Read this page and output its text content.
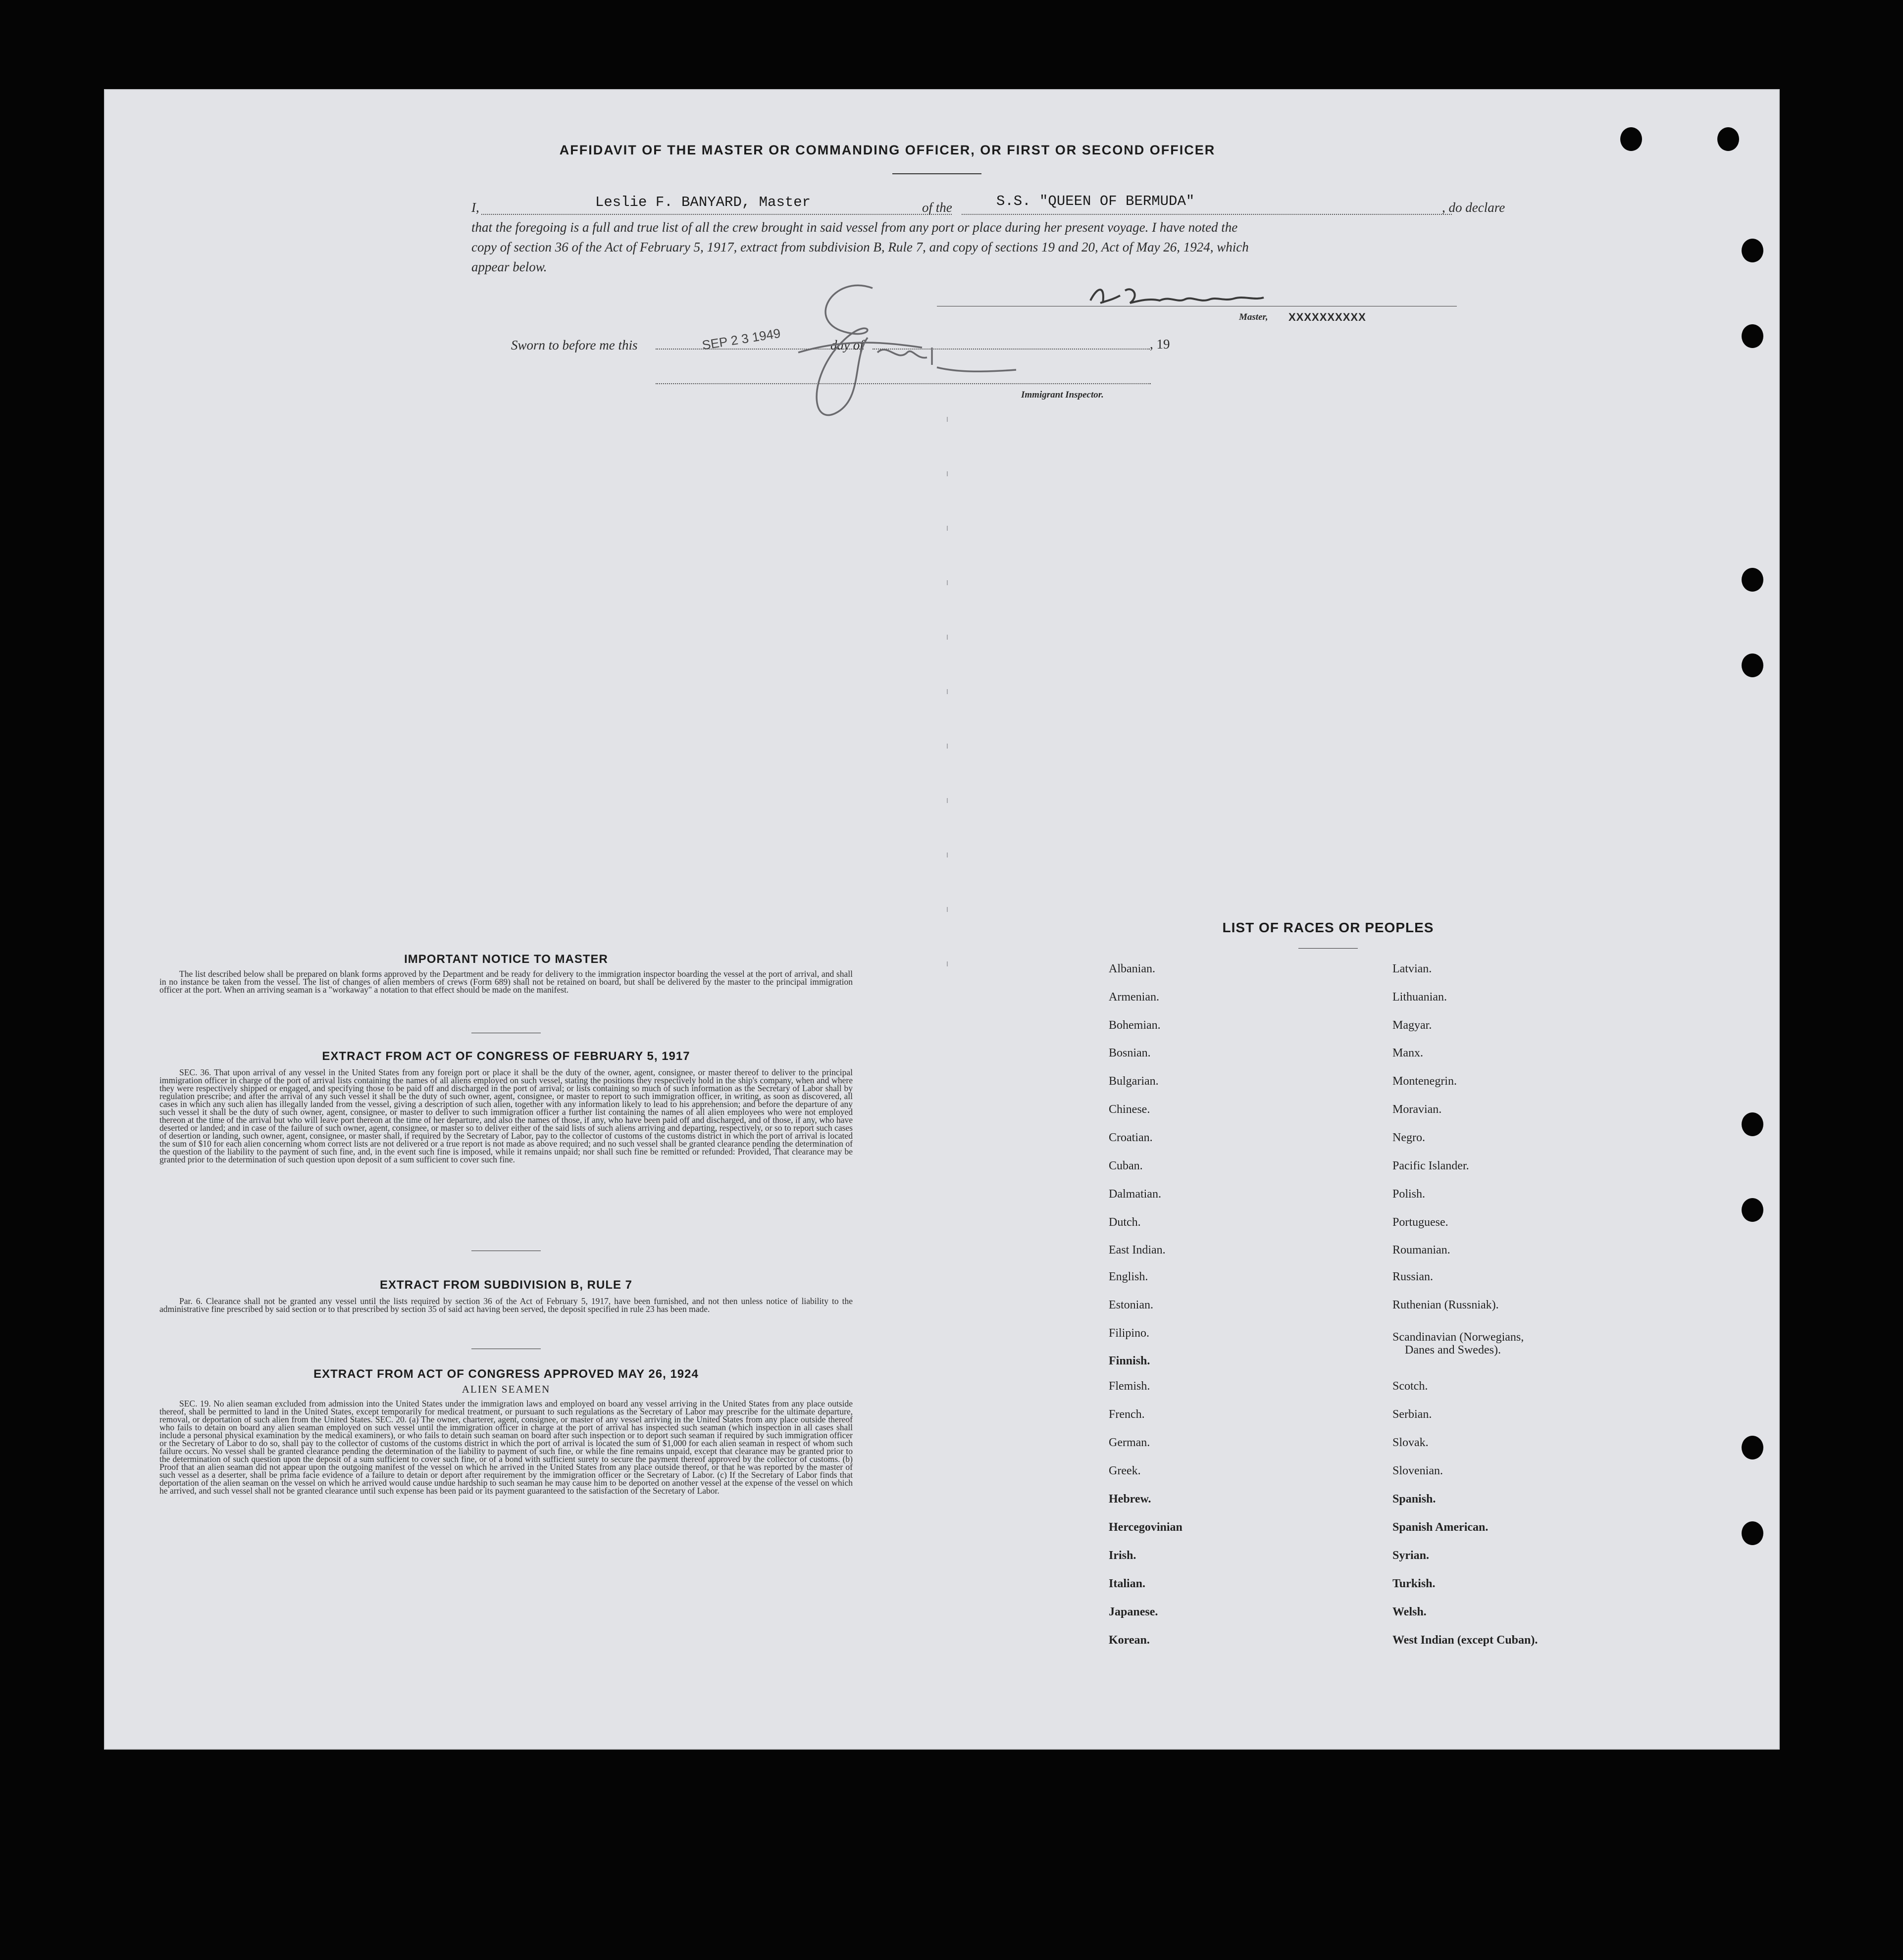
AFFIDAVIT OF THE MASTER OR COMMANDING OFFICER, OR FIRST OR SECOND OFFICER
I,	Leslie F. BANYARD, Master	of the	S.S. "QUEEN OF BERMUDA"	, do declare
that the foregoing is a full and true list of all the crew brought in said vessel from any port or place during her present voyage. I have noted the
copy of section 36 of the Act of February 5, 1917, extract from subdivision B, Rule 7, and copy of sections 19 and 20, Act of May 26, 1924, which
appear below.
Master, XXXXXXXXXX
Sworn to before me this	SEP 2 3 1949	day of	, 19
Immigrant Inspector.
IMPORTANT NOTICE TO MASTER
The list described below shall be prepared on blank forms approved by the Department and be ready for delivery to the immigration inspector boarding the vessel at the port of arrival, and shall in no instance be taken from the vessel. The list of changes of alien members of crews (Form 689) shall not be retained on board, but shall be delivered by the master to the principal immigration officer at the port. When an arriving seaman is a "workaway" a notation to that effect should be made on the manifest.
EXTRACT FROM ACT OF CONGRESS OF FEBRUARY 5, 1917
SEC. 36. That upon arrival of any vessel in the United States from any foreign port or place it shall be the duty of the owner, agent, consignee, or master thereof to deliver to the principal immigration officer in charge of the port of arrival lists containing the names of all aliens employed on such vessel, stating the positions they respectively hold in the ship's company, when and where they were respectively shipped or engaged, and specifying those to be paid off and discharged in the port of arrival; or lists containing so much of such information as the Secretary of Labor shall by regulation prescribe; and after the arrival of any such vessel it shall be the duty of such owner, agent, consignee, or master to report to such immigration officer, in writing, as soon as discovered, all cases in which any such alien has illegally landed from the vessel, giving a description of such alien, together with any information likely to lead to his apprehension; and before the departure of any such vessel it shall be the duty of such owner, agent, consignee, or master to deliver to such immigration officer a further list containing the names of all alien employees who were not employed thereon at the time of the arrival but who will leave port thereon at the time of her departure, and also the names of those, if any, who have been paid off and discharged, and of those, if any, who have deserted or landed; and in case of the failure of such owner, agent, consignee, or master so to deliver either of the said lists of such aliens arriving and departing, respectively, or so to report such cases of desertion or landing, such owner, agent, consignee, or master shall, if required by the Secretary of Labor, pay to the collector of customs of the customs district in which the port of arrival is located the sum of $10 for each alien concerning whom correct lists are not delivered or a true report is not made as above required; and no such vessel shall be granted clearance pending the determination of the question of the liability to the payment of such fine, and, in the event such fine is imposed, while it remains unpaid; nor shall such fine be remitted or refunded: Provided, That clearance may be granted prior to the determination of such question upon deposit of a sum sufficient to cover such fine.
EXTRACT FROM SUBDIVISION B, RULE 7
Par. 6. Clearance shall not be granted any vessel until the lists required by section 36 of the Act of February 5, 1917, have been furnished, and not then unless notice of liability to the administrative fine prescribed by said section or to that prescribed by section 35 of said act having been served, the deposit specified in rule 23 has been made.
EXTRACT FROM ACT OF CONGRESS APPROVED MAY 26, 1924
ALIEN SEAMEN
SEC. 19. No alien seaman excluded from admission into the United States under the immigration laws and employed on board any vessel arriving in the United States from any place outside thereof, shall be permitted to land in the United States, except temporarily for medical treatment, or pursuant to such regulations as the Secretary of Labor may prescribe for the ultimate departure, removal, or deportation of such alien from the United States. SEC. 20. (a) The owner, charterer, agent, consignee, or master of any vessel arriving in the United States from any place outside thereof who fails to detain on board any alien seaman employed on such vessel until the immigration officer in charge at the port of arrival has inspected such seaman (which inspection in all cases shall include a personal physical examination by the medical examiners), or who fails to detain such seaman on board after such inspection or to deport such seaman if required by such immigration officer or the Secretary of Labor to do so, shall pay to the collector of customs of the customs district in which the port of arrival is located the sum of $1,000 for each alien seaman in respect of whom such failure occurs. No vessel shall be granted clearance pending the determination of the liability to payment of such fine, or while the fine remains unpaid, except that clearance may be granted prior to the determination of such question upon the deposit of a sum sufficient to cover such fine, or of a bond with sufficient surety to secure the payment thereof approved by the collector of customs. (b) Proof that an alien seaman did not appear upon the outgoing manifest of the vessel on which he arrived in the United States from any place outside thereof, or that he was reported by the master of such vessel as a deserter, shall be prima facie evidence of a failure to detain or deport after requirement by the immigration officer or the Secretary of Labor. (c) If the Secretary of Labor finds that deportation of the alien seaman on the vessel on which he arrived would cause undue hardship to such seaman he may cause him to be deported on another vessel at the expense of the vessel on which he arrived, and such vessel shall not be granted clearance until such expense has been paid or its payment guaranteed to the satisfaction of the Secretary of Labor.
LIST OF RACES OR PEOPLES
Albanian.
Armenian.
Bohemian.
Bosnian.
Bulgarian.
Chinese.
Croatian.
Cuban.
Dalmatian.
Dutch.
East Indian.
English.
Estonian.
Filipino.
Finnish.
Flemish.
French.
German.
Greek.
Hebrew.
Hercegovinian
Irish.
Italian.
Japanese.
Korean.
Latvian.
Lithuanian.
Magyar.
Manx.
Montenegrin.
Moravian.
Negro.
Pacific Islander.
Polish.
Portuguese.
Roumanian.
Russian.
Ruthenian (Russniak).
Scandinavian (Norwegians,
Danes and Swedes).
Scotch.
Serbian.
Slovak.
Slovenian.
Spanish.
Spanish American.
Syrian.
Turkish.
Welsh.
West Indian (except Cuban).
